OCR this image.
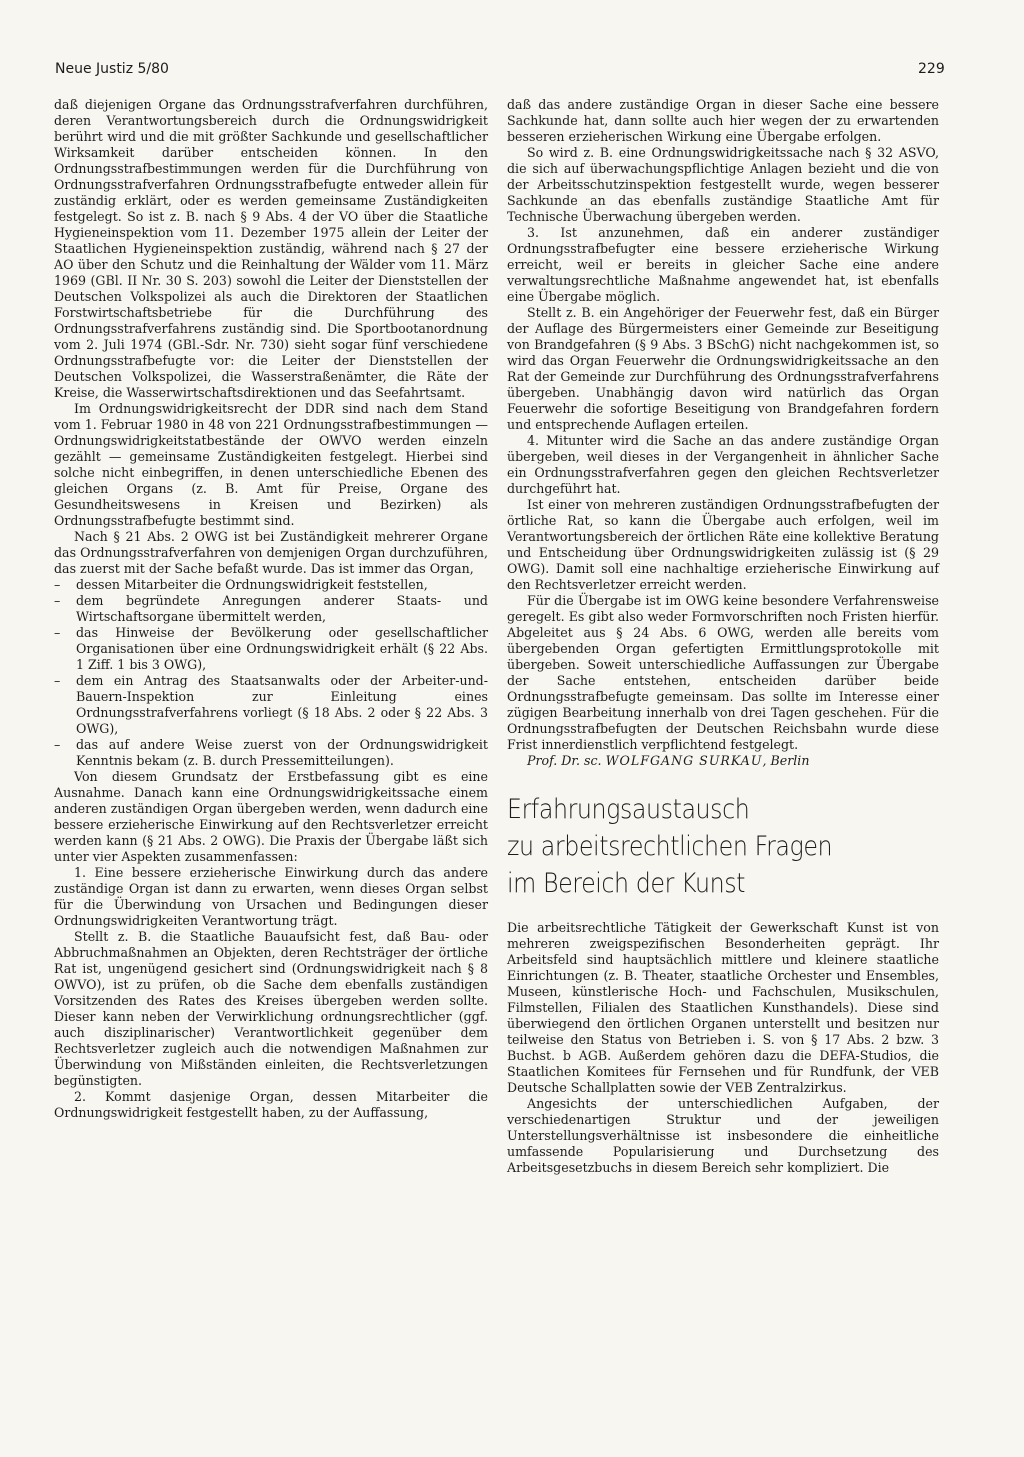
Neue Justiz 5/80	229

daß diejenigen Organe das Ordnungsstrafverfahren durchführen, deren Verantwortungsbereich durch die Ordnungswidrigkeit berührt wird und die mit größter Sachkunde und gesellschaftlicher Wirksamkeit darüber entscheiden können. In den Ordnungsstrafbestimmungen werden für die Durchführung von Ordnungsstrafverfahren Ordnungsstrafbefugte entweder allein für zuständig erklärt, oder es werden gemeinsame Zuständigkeiten festgelegt. So ist z. B. nach § 9 Abs. 4 der VO über die Staatliche Hygieneinspektion vom 11. Dezember 1975 allein der Leiter der Staatlichen Hygieneinspektion zuständig, während nach § 27 der AO über den Schutz und die Reinhaltung der Wälder vom 11. März 1969 (GBl. II Nr. 30 S. 203) sowohl die Leiter der Dienststellen der Deutschen Volkspolizei als auch die Direktoren der Staatlichen Forstwirtschaftsbetriebe für die Durchführung des Ordnungsstrafverfahrens zuständig sind. Die Sportbootanordnung vom 2. Juli 1974 (GBl.-Sdr. Nr. 730) sieht sogar fünf verschiedene Ordnungsstrafbefugte vor: die Leiter der Dienststellen der Deutschen Volkspolizei, die Wasserstraßenämter, die Räte der Kreise, die Wasserwirtschaftsdirektionen und das Seefahrtsamt.

Im Ordnungswidrigkeitsrecht der DDR sind nach dem Stand vom 1. Februar 1980 in 48 von 221 Ordnungsstrafbestimmungen — Ordnungswidrigkeitstatbestände der OWVO werden einzeln gezählt — gemeinsame Zuständigkeiten festgelegt. Hierbei sind solche nicht einbegriffen, in denen unterschiedliche Ebenen des gleichen Organs (z. B. Amt für Preise, Organe des Gesundheitswesens in Kreisen und Bezirken) als Ordnungsstrafbefugte bestimmt sind.

Nach § 21 Abs. 2 OWG ist bei Zuständigkeit mehrerer Organe das Ordnungsstrafverfahren von demjenigen Organ durchzuführen, das zuerst mit der Sache befaßt wurde. Das ist immer das Organ,

– dessen Mitarbeiter die Ordnungswidrigkeit feststellen,
– dem begründete Anregungen anderer Staats- und Wirtschaftsorgane übermittelt werden,
– das Hinweise der Bevölkerung oder gesellschaftlicher Organisationen über eine Ordnungswidrigkeit erhält (§ 22 Abs. 1 Ziff. 1 bis 3 OWG),
– dem ein Antrag des Staatsanwalts oder der Arbeiter-und-Bauern-Inspektion zur Einleitung eines Ordnungsstrafverfahrens vorliegt (§ 18 Abs. 2 oder § 22 Abs. 3 OWG),
– das auf andere Weise zuerst von der Ordnungswidrigkeit Kenntnis bekam (z. B. durch Pressemitteilungen).

Von diesem Grundsatz der Erstbefassung gibt es eine Ausnahme. Danach kann eine Ordnungswidrigkeitssache einem anderen zuständigen Organ übergeben werden, wenn dadurch eine bessere erzieherische Einwirkung auf den Rechtsverletzer erreicht werden kann (§ 21 Abs. 2 OWG). Die Praxis der Übergabe läßt sich unter vier Aspekten zusammenfassen:

1. Eine bessere erzieherische Einwirkung durch das andere zuständige Organ ist dann zu erwarten, wenn dieses Organ selbst für die Überwindung von Ursachen und Bedingungen dieser Ordnungswidrigkeiten Verantwortung trägt.

Stellt z. B. die Staatliche Bauaufsicht fest, daß Bau- oder Abbruchmaßnahmen an Objekten, deren Rechtsträger der örtliche Rat ist, ungenügend gesichert sind (Ordnungswidrigkeit nach § 8 OWVO), ist zu prüfen, ob die Sache dem ebenfalls zuständigen Vorsitzenden des Rates des Kreises übergeben werden sollte. Dieser kann neben der Verwirklichung ordnungsrechtlicher (ggf. auch disziplinarischer) Verantwortlichkeit gegenüber dem Rechtsverletzer zugleich auch die notwendigen Maßnahmen zur Überwindung von Mißständen einleiten, die Rechtsverletzungen begünstigten.

2. Kommt dasjenige Organ, dessen Mitarbeiter die Ordnungswidrigkeit festgestellt haben, zu der Auffassung,

daß das andere zuständige Organ in dieser Sache eine bessere Sachkunde hat, dann sollte auch hier wegen der zu erwartenden besseren erzieherischen Wirkung eine Übergabe erfolgen.

So wird z. B. eine Ordnungswidrigkeitssache nach § 32 ASVO, die sich auf überwachungspflichtige Anlagen bezieht und die von der Arbeitsschutzinspektion festgestellt wurde, wegen besserer Sachkunde an das ebenfalls zuständige Staatliche Amt für Technische Überwachung übergeben werden.

3. Ist anzunehmen, daß ein anderer zuständiger Ordnungsstrafbefugter eine bessere erzieherische Wirkung erreicht, weil er bereits in gleicher Sache eine andere verwaltungsrechtliche Maßnahme angewendet hat, ist ebenfalls eine Übergabe möglich.

Stellt z. B. ein Angehöriger der Feuerwehr fest, daß ein Bürger der Auflage des Bürgermeisters einer Gemeinde zur Beseitigung von Brandgefahren (§ 9 Abs. 3 BSchG) nicht nachgekommen ist, so wird das Organ Feuerwehr die Ordnungswidrigkeitssache an den Rat der Gemeinde zur Durchführung des Ordnungsstrafverfahrens übergeben. Unabhängig davon wird natürlich das Organ Feuerwehr die sofortige Beseitigung von Brandgefahren fordern und entsprechende Auflagen erteilen.

4. Mitunter wird die Sache an das andere zuständige Organ übergeben, weil dieses in der Vergangenheit in ähnlicher Sache ein Ordnungsstrafverfahren gegen den gleichen Rechtsverletzer durchgeführt hat.

Ist einer von mehreren zuständigen Ordnungsstrafbefugten der örtliche Rat, so kann die Übergabe auch erfolgen, weil im Verantwortungsbereich der örtlichen Räte eine kollektive Beratung und Entscheidung über Ordnungswidrigkeiten zulässig ist (§ 29 OWG). Damit soll eine nachhaltige erzieherische Einwirkung auf den Rechtsverletzer erreicht werden.

Für die Übergabe ist im OWG keine besondere Verfahrensweise geregelt. Es gibt also weder Formvorschriften noch Fristen hierfür. Abgeleitet aus § 24 Abs. 6 OWG, werden alle bereits vom übergebenden Organ gefertigten Ermittlungsprotokolle mit übergeben. Soweit unterschiedliche Auffassungen zur Übergabe der Sache entstehen, entscheiden darüber beide Ordnungsstrafbefugte gemeinsam. Das sollte im Interesse einer zügigen Bearbeitung innerhalb von drei Tagen geschehen. Für die Ordnungsstrafbefugten der Deutschen Reichsbahn wurde diese Frist innerdienstlich verpflichtend festgelegt.

Prof. Dr. sc. WOLFGANG SURKAU, Berlin

Erfahrungsaustausch
zu arbeitsrechtlichen Fragen
im Bereich der Kunst

Die arbeitsrechtliche Tätigkeit der Gewerkschaft Kunst ist von mehreren zweigspezifischen Besonderheiten geprägt. Ihr Arbeitsfeld sind hauptsächlich mittlere und kleinere staatliche Einrichtungen (z. B. Theater, staatliche Orchester und Ensembles, Museen, künstlerische Hoch- und Fachschulen, Musikschulen, Filmstellen, Filialen des Staatlichen Kunsthandels). Diese sind überwiegend den örtlichen Organen unterstellt und besitzen nur teilweise den Status von Betrieben i. S. von § 17 Abs. 2 bzw. 3 Buchst. b AGB. Außerdem gehören dazu die DEFA-Studios, die Staatlichen Komitees für Fernsehen und für Rundfunk, der VEB Deutsche Schallplatten sowie der VEB Zentralzirkus.

Angesichts der unterschiedlichen Aufgaben, der verschiedenartigen Struktur und der jeweiligen Unterstellungsverhältnisse ist insbesondere die einheitliche umfassende Popularisierung und Durchsetzung des Arbeitsgesetzbuchs in diesem Bereich sehr kompliziert. Die
